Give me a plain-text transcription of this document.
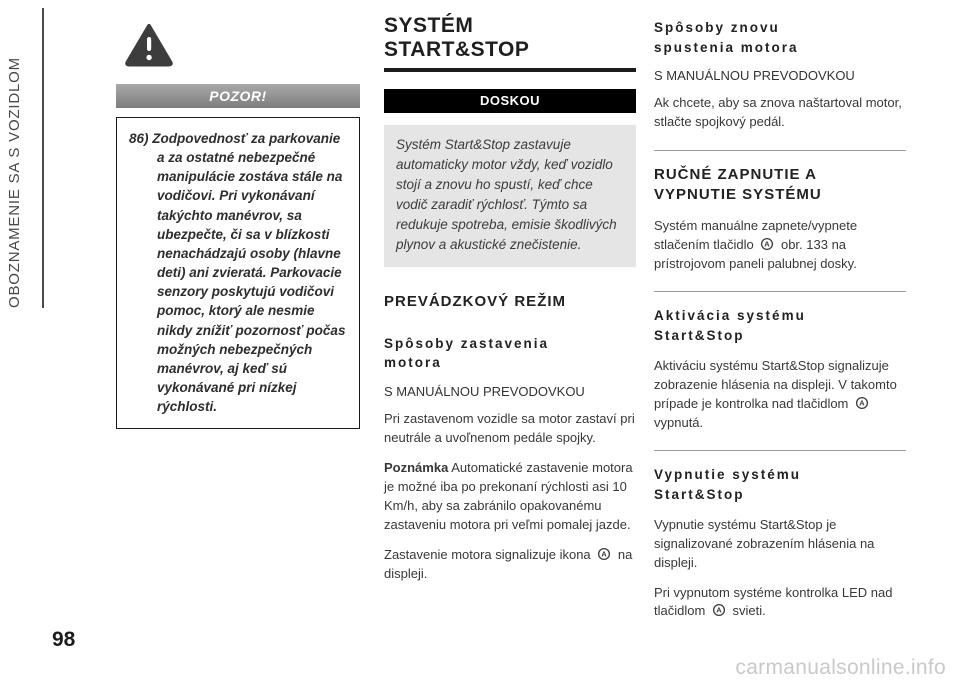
OBOZNAMENIE SA S VOZIDLOM	POZOR!
86) Zodpovednosť za parkovanie a za ostatné nebezpečné manipulácie zostáva stále na vodičovi. Pri vykonávaní takýchto manévrov, sa ubezpečte, či sa v blízkosti nenachádzajú osoby (hlavne deti) ani zvieratá. Parkovacie senzory poskytujú vodičovi pomoc, ktorý ale nesmie nikdy znížiť pozornosť počas možných nebezpečných manévrov, aj keď sú vykonávané pri nízkej rýchlosti.
SYSTÉM
START&STOP
DOSKOU
Systém Start&Stop zastavuje automaticky motor vždy, keď vozidlo stojí a znovu ho spustí, keď chce vodič zaradiť rýchlosť. Týmto sa redukuje spotreba, emisie škodlivých plynov a akustické znečistenie.
PREVÁDZKOVÝ REŽIM
Spôsoby zastavenia
motora
S MANUÁLNOU PREVODOVKOU

Pri zastavenom vozidle sa motor zastaví pri neutrále a uvoľnenom pedále spojky.

Poznámka Automatické zastavenie motora je možné iba po prekonaní rýchlosti asi 10 Km/h, aby sa zabránilo opakovanému zastaveniu motora pri veľmi pomalej jazde.

Zastavenie motora signalizuje ikona A na displeji.

Spôsoby znovu
spustenia motora
S MANUÁLNOU PREVODOVKOU

Ak chcete, aby sa znova naštartoval motor, stlačte spojkový pedál.

RUČNÉ ZAPNUTIE A
VYPNUTIE SYSTÉMU

Systém manuálne zapnete/vypnete stlačením tlačidlo A obr. 133 na prístrojovom paneli palubnej dosky.

Aktivácia systému
Start&Stop

Aktiváciu systému Start&Stop signalizuje zobrazenie hlásenia na displeji. V takomto prípade je kontrolka nad tlačidlom A
vypnutá.

Vypnutie systému
Start&Stop

Vypnutie systému Start&Stop je signalizované zobrazením hlásenia na displeji.

Pri vypnutom systéme kontrolka LED nad tlačidlom A svieti.

98
carmanualsonline.info
